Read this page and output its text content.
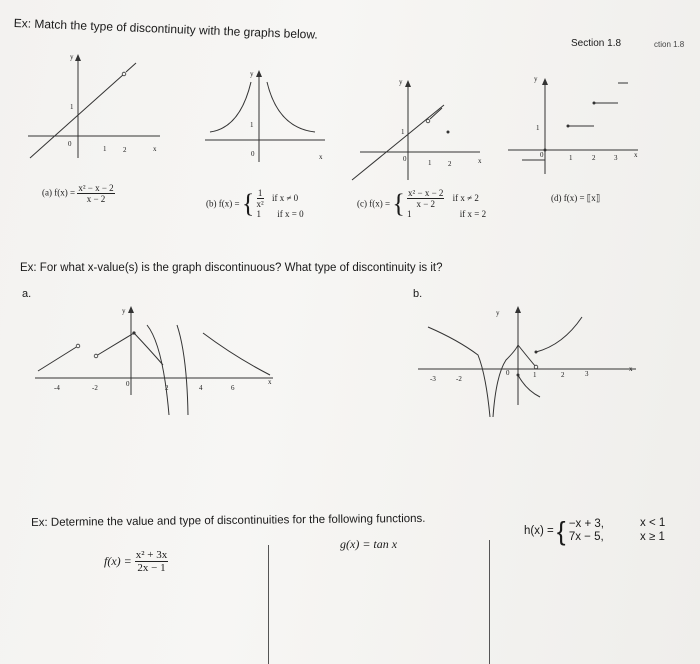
Ex: Match the type of discontinuity with the graphs below.
Section 1.8	ction 1.8
0
1 2	x
y
1
y
1
0	x
y
1
0	1 2	x
y
1
0	1	2	3 x
(a) $f(x) = \frac{\text{x² − x − 2}}{x - 2}$	(b) f(x) = { $\frac{1}{\text{x²}}$ if x ≠ 0
1 if x = 0
(c) f(x) = { $\frac{\text{x² − x − 2}}{x - 2}$ if x ≠ 2
1	if x = 2
(d) f(x) = ⟦x⟧
Ex: For what x-value(s) is the graph discontinuous? What type of discontinuity is it?
a.	b.
y
-4	-2	0	2	4	6
x
y
-3	-2
0	1	2	3
x
Ex: Determine the value and type of discontinuities for the following functions.
$f(x) = \frac{\text{x² + 3x}}{2x - 1}$
g(x) = tan x
h(x) = { −x + 3,
7x − 5,
x < 1
x ≥ 1
